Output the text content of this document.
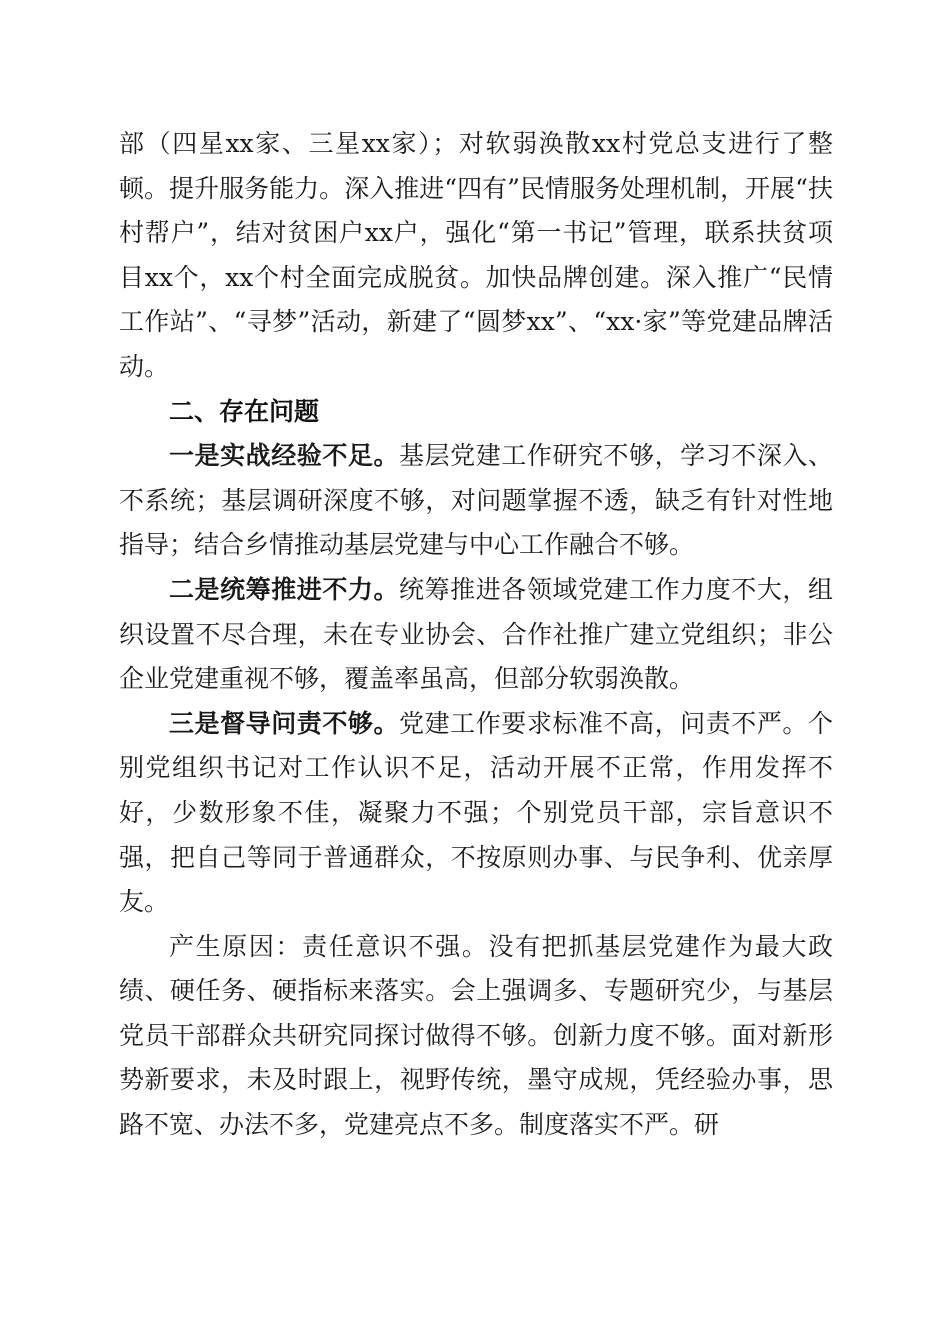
部（四星xx家、三星xx家）；对软弱涣散xx村党总支进行了整顿。提升服务能力。深入推进“四有”民情服务处理机制，开展“扶村帮户”，结对贫困户xx户，强化“第一书记”管理，联系扶贫项目xx个，xx个村全面完成脱贫。加快品牌创建。深入推广“民情工作站”、“寻梦”活动，新建了“圆梦xx”、“xx·家”等党建品牌活动。

二、存在问题

一是实战经验不足。基层党建工作研究不够，学习不深入、不系统；基层调研深度不够，对问题掌握不透，缺乏有针对性地指导；结合乡情推动基层党建与中心工作融合不够。

二是统筹推进不力。统筹推进各领域党建工作力度不大，组织设置不尽合理，未在专业协会、合作社推广建立党组织；非公企业党建重视不够，覆盖率虽高，但部分软弱涣散。

三是督导问责不够。党建工作要求标准不高，问责不严。个别党组织书记对工作认识不足，活动开展不正常，作用发挥不好，少数形象不佳，凝聚力不强；个别党员干部，宗旨意识不强，把自己等同于普通群众，不按原则办事、与民争利、优亲厚友。

产生原因：责任意识不强。没有把抓基层党建作为最大政绩、硬任务、硬指标来落实。会上强调多、专题研究少，与基层党员干部群众共研究同探讨做得不够。创新力度不够。面对新形势新要求，未及时跟上，视野传统，墨守成规，凭经验办事，思路不宽、办法不多，党建亮点不多。制度落实不严。研
